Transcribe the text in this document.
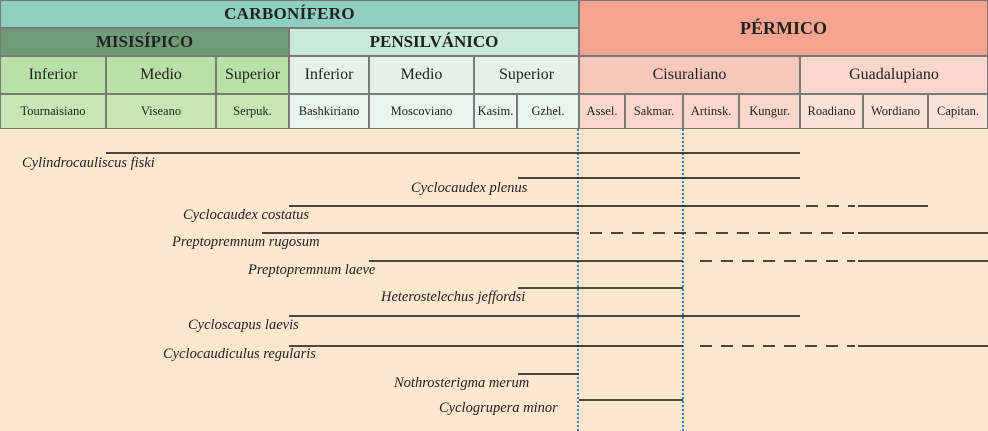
CARBONÍFERO
MISISÍPICO	PENSILVÁNICO
PÉRMICO
Inferior	Medio	Superior	Inferior	Medio	Superior	Cisuraliano	Guadalupiano
Tournaisiano	Viseano	Serpuk.	Bashkiriano	Moscoviano	Kasim.	Gzhel.	Assel.	Sakmar.	Artinsk.	Kungur.	Roadiano	Wordiano	Capitan.
Cylindrocauliscus fiski
Cyclocaudex plenus
Cyclocaudex costatus
Preptopremnum rugosum
Preptopremnum laeve
Heterostelechus jeffordsi
Cycloscapus laevis
Cyclocaudiculus regularis
Nothrosterigma merum
Cyclogrupera minor
